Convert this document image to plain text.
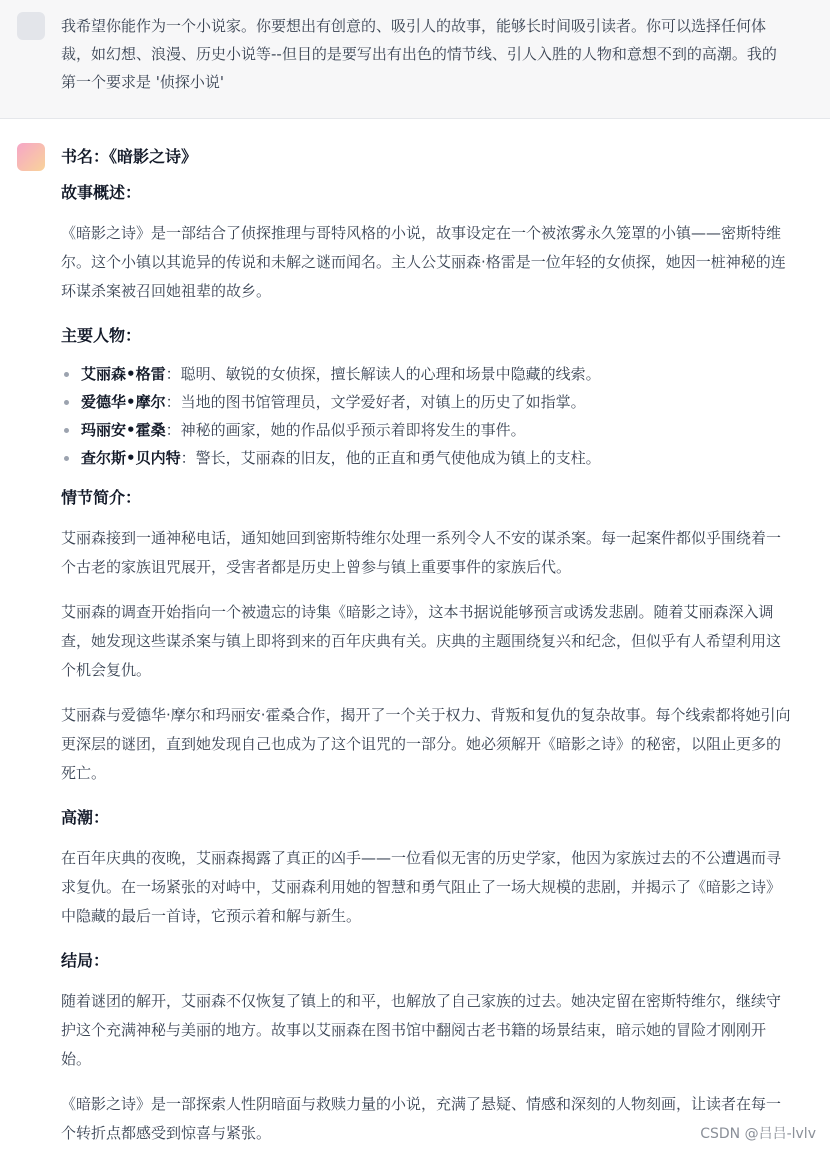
我希望你能作为一个小说家。你要想出有创意的、吸引人的故事，能够长时间吸引读者。你可以选择任何体裁，如幻想、浪漫、历史小说等--但目的是要写出有出色的情节线、引人入胜的人物和意想不到的高潮。我的第一个要求是 '侦探小说'

书名：《暗影之诗》

故事概述：

《暗影之诗》是一部结合了侦探推理与哥特风格的小说，故事设定在一个被浓雾永久笼罩的小镇——密斯特维尔。这个小镇以其诡异的传说和未解之谜而闻名。主人公艾丽森·格雷是一位年轻的女侦探，她因一桩神秘的连环谋杀案被召回她祖辈的故乡。

主要人物：

艾丽森•格雷：聪明、敏锐的女侦探，擅长解读人的心理和场景中隐藏的线索。
爱德华•摩尔：当地的图书馆管理员，文学爱好者，对镇上的历史了如指掌。
玛丽安•霍桑：神秘的画家，她的作品似乎预示着即将发生的事件。
查尔斯•贝内特：警长，艾丽森的旧友，他的正直和勇气使他成为镇上的支柱。

情节简介：

艾丽森接到一通神秘电话，通知她回到密斯特维尔处理一系列令人不安的谋杀案。每一起案件都似乎围绕着一个古老的家族诅咒展开，受害者都是历史上曾参与镇上重要事件的家族后代。

艾丽森的调查开始指向一个被遗忘的诗集《暗影之诗》，这本书据说能够预言或诱发悲剧。随着艾丽森深入调查，她发现这些谋杀案与镇上即将到来的百年庆典有关。庆典的主题围绕复兴和纪念，但似乎有人希望利用这个机会复仇。

艾丽森与爱德华·摩尔和玛丽安·霍桑合作，揭开了一个关于权力、背叛和复仇的复杂故事。每个线索都将她引向更深层的谜团，直到她发现自己也成为了这个诅咒的一部分。她必须解开《暗影之诗》的秘密，以阻止更多的死亡。

高潮：

在百年庆典的夜晚，艾丽森揭露了真正的凶手——一位看似无害的历史学家，他因为家族过去的不公遭遇而寻求复仇。在一场紧张的对峙中，艾丽森利用她的智慧和勇气阻止了一场大规模的悲剧，并揭示了《暗影之诗》中隐藏的最后一首诗，它预示着和解与新生。

结局：

随着谜团的解开，艾丽森不仅恢复了镇上的和平，也解放了自己家族的过去。她决定留在密斯特维尔，继续守护这个充满神秘与美丽的地方。故事以艾丽森在图书馆中翻阅古老书籍的场景结束，暗示她的冒险才刚刚开始。

《暗影之诗》是一部探索人性阴暗面与救赎力量的小说，充满了悬疑、情感和深刻的人物刻画，让读者在每一个转折点都感受到惊喜与紧张。	CSDN @吕吕-lvlv
